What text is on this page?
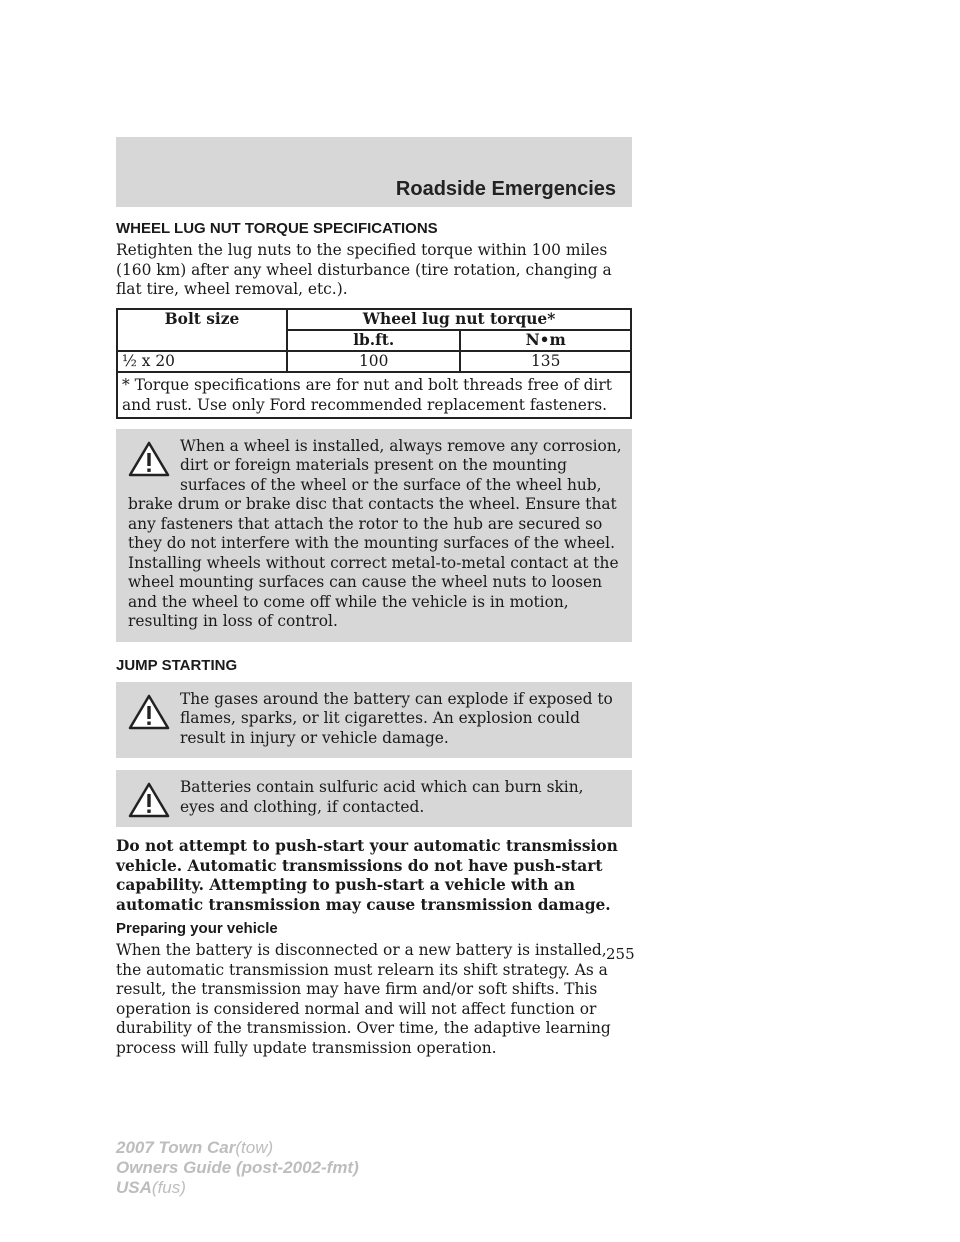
Roadside Emergencies
WHEEL LUG NUT TORQUE SPECIFICATIONS

Retighten the lug nuts to the specified torque within 100 miles (160 km) after any wheel disturbance (tire rotation, changing a flat tire, wheel removal, etc.).

Bolt size	Wheel lug nut torque*	
	lb.ft.	N•m
½ x 20	100	135
* Torque specifications are for nut and bolt threads free of dirt and rust. Use only Ford recommended replacement fasteners.		
When a wheel is installed, always remove any corrosion, dirt or foreign materials present on the mounting surfaces of the wheel or the surface of the wheel hub, brake drum or brake disc that contacts the wheel. Ensure that any fasteners that attach the rotor to the hub are secured so they do not interfere with the mounting surfaces of the wheel. Installing wheels without correct metal-to-metal contact at the wheel mounting surfaces can cause the wheel nuts to loosen and the wheel to come off while the vehicle is in motion, resulting in loss of control.
JUMP STARTING
The gases around the battery can explode if exposed to flames, sparks, or lit cigarettes. An explosion could result in injury or vehicle damage.
Batteries contain sulfuric acid which can burn skin, eyes and clothing, if contacted.

Do not attempt to push-start your automatic transmission vehicle. Automatic transmissions do not have push-start capability. Attempting to push-start a vehicle with an automatic transmission may cause transmission damage.

Preparing your vehicle

When the battery is disconnected or a new battery is installed, the automatic transmission must relearn its shift strategy. As a result, the transmission may have firm and/or soft shifts. This operation is considered normal and will not affect function or durability of the transmission. Over time, the adaptive learning process will fully update transmission operation.

255
2007 Town Car(tow)
Owners Guide (post-2002-fmt)
USA(fus)
